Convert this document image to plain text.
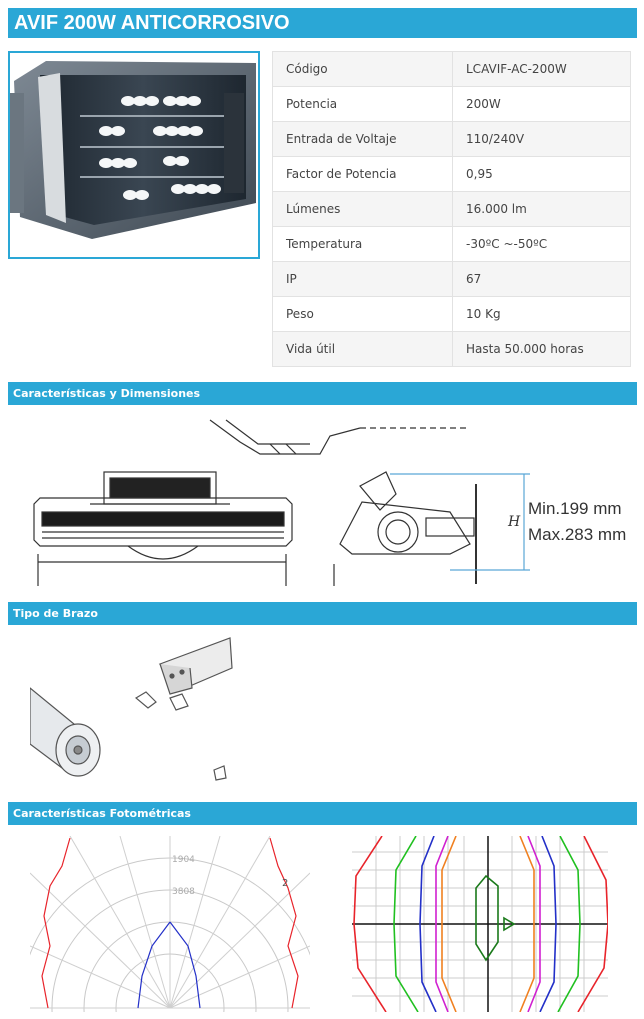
AVIF 200W ANTICORROSIVO
Código	LCAVIF-AC-200W
Potencia	200W
Entrada de Voltaje	110/240V
Factor de Potencia	0,95
Lúmenes	16.000 lm
Temperatura	-30ºC ~-50ºC
IP	67
Peso	10 Kg
Vida útil	Hasta 50.000 horas
Características y Dimensiones
H
Min.199 mm
Max.283 mm
Tipo de Brazo
Características Fotométricas
1904
3808
2
